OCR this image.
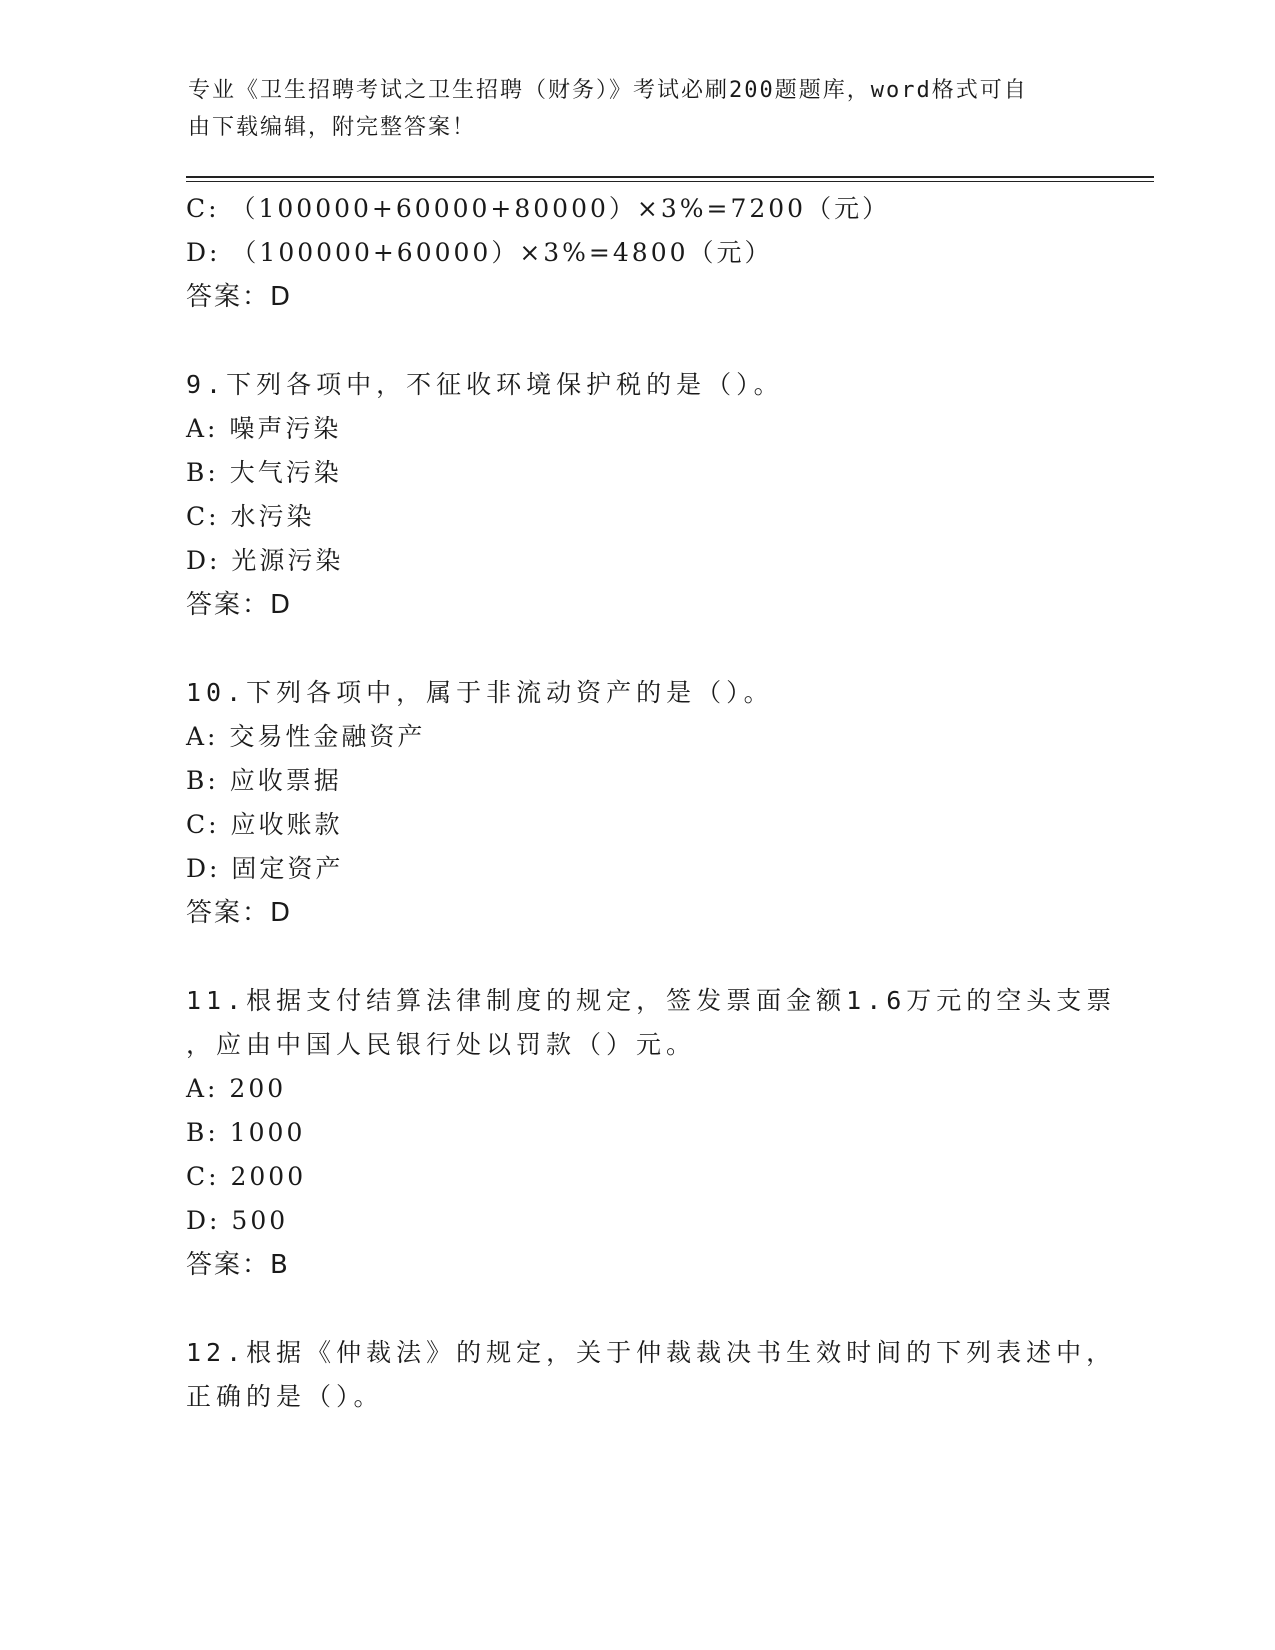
专业《卫生招聘考试之卫生招聘（财务）》考试必刷200题题库，word格式可自
由下载编辑，附完整答案！
C: （100000+60000+80000）×3%=7200（元）
D: （100000+60000）×3%=4800（元）
答案：D
9.下列各项中，不征收环境保护税的是（）。
A: 噪声污染
B: 大气污染
C: 水污染
D: 光源污染
答案：D
10.下列各项中，属于非流动资产的是（）。
A: 交易性金融资产
B: 应收票据
C: 应收账款
D: 固定资产
答案：D
11.根据支付结算法律制度的规定，签发票面金额1.6万元的空头支票
，应由中国人民银行处以罚款（）元。
A: 200
B: 1000
C: 2000
D: 500
答案：B
12.根据《仲裁法》的规定，关于仲裁裁决书生效时间的下列表述中，
正确的是（）。
